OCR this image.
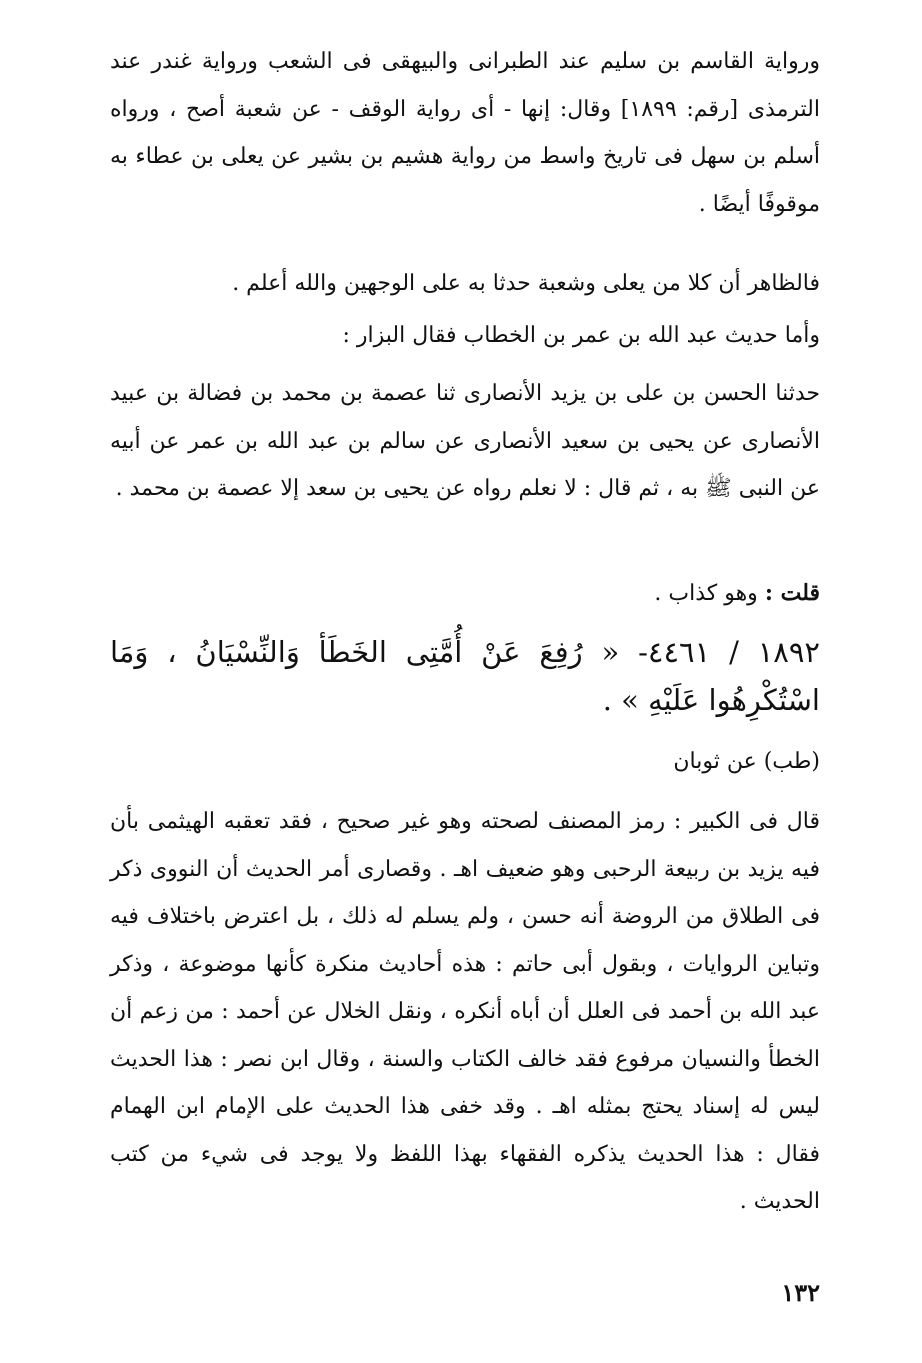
ورواية القاسم بن سليم عند الطبرانى والبيهقى فى الشعب ورواية غندر عند الترمذى [رقم: ١٨٩٩] وقال: إنها - أى رواية الوقف - عن شعبة أصح ، ورواه أسلم بن سهل فى تاريخ واسط من رواية هشيم بن بشير عن يعلى بن عطاء به موقوفًا أيضًا .

فالظاهر أن كلا من يعلى وشعبة حدثا به على الوجهين والله أعلم .

وأما حديث عبد الله بن عمر بن الخطاب فقال البزار :

حدثنا الحسن بن على بن يزيد الأنصارى ثنا عصمة بن محمد بن فضالة بن عبيد الأنصارى عن يحيى بن سعيد الأنصارى عن سالم بن عبد الله بن عمر عن أبيه عن النبى ﷺ به ، ثم قال : لا نعلم رواه عن يحيى بن سعد إلا عصمة بن محمد .

قلت : وهو كذاب .

١٨٩٢ / ٤٤٦١- « رُفِعَ عَنْ أُمَّتِى الخَطَأ وَالنِّسْيَانُ ، وَمَا اسْتُكْرِهُوا عَلَيْهِ » .

(طب) عن ثوبان

قال فى الكبير : رمز المصنف لصحته وهو غير صحيح ، فقد تعقبه الهيثمى بأن فيه يزيد بن ربيعة الرحبى وهو ضعيف اهـ . وقصارى أمر الحديث أن النووى ذكر فى الطلاق من الروضة أنه حسن ، ولم يسلم له ذلك ، بل اعترض باختلاف فيه وتباين الروايات ، وبقول أبى حاتم : هذه أحاديث منكرة كأنها موضوعة ، وذكر عبد الله بن أحمد فى العلل أن أباه أنكره ، ونقل الخلال عن أحمد : من زعم أن الخطأ والنسيان مرفوع فقد خالف الكتاب والسنة ، وقال ابن نصر : هذا الحديث ليس له إسناد يحتج بمثله اهـ . وقد خفى هذا الحديث على الإمام ابن الهمام فقال : هذا الحديث يذكره الفقهاء بهذا اللفظ ولا يوجد فى شيء من كتب الحديث .

١٣٢
